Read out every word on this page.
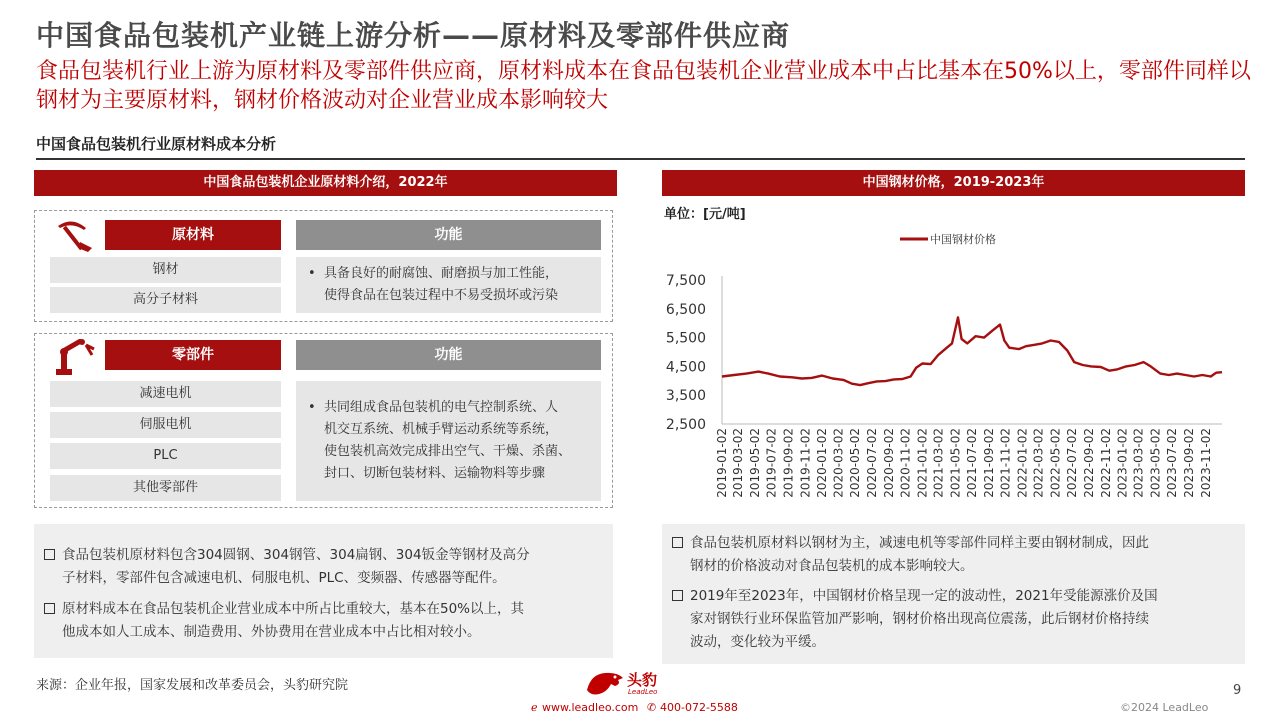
中国食品包装机产业链上游分析——原材料及零部件供应商
食品包装机行业上游为原材料及零部件供应商，原材料成本在食品包装机企业营业成本中占比基本在50%以上，零部件同样以钢材为主要原材料，钢材价格波动对企业营业成本影响较大
中国食品包装机行业原材料成本分析
中国食品包装机企业原材料介绍，2022年
原材料	功能
钢材
高分子材料
• 具备良好的耐腐蚀、耐磨损与加工性能，
使得食品在包装过程中不易受损坏或污染
零部件	功能
减速电机
伺服电机
PLC
其他零部件
• 共同组成食品包装机的电气控制系统、人
机交互系统、机械手臂运动系统等系统，
使包装机高效完成排出空气、干燥、杀菌、
封口、切断包装材料、运输物料等步骤
食品包装机原材料包含304圆钢、304钢管、304扁钢、304钣金等钢材及高分
子材料，零部件包含减速电机、伺服电机、PLC、变频器、传感器等配件。
原材料成本在食品包装机企业营业成本中所占比重较大，基本在50%以上，其
他成本如人工成本、制造费用、外协费用在营业成本中占比相对较小。
中国钢材价格，2019-2023年
单位：[元/吨]
中国钢材价格
7,500
6,500
5,500
4,500
3,500
2,500
2019-01-02 2019-03-02 2019-05-02 2019-07-02 2019-09-02 2019-11-02 2020-01-02 2020-03-02 2020-05-02 2020-07-02 2020-09-02 2020-11-02 2021-01-02 2021-03-02 2021-05-02 2021-07-02 2021-09-02 2021-11-02 2022-01-02 2022-03-02 2022-05-02 2022-07-02 2022-09-02 2022-11-02 2023-01-02 2023-03-02 2023-05-02 2023-07-02 2023-09-02 2023-11-02
食品包装机原材料以钢材为主，减速电机等零部件同样主要由钢材制成，因此
钢材的价格波动对食品包装机的成本影响较大。
2019年至2023年，中国钢材价格呈现一定的波动性，2021年受能源涨价及国
家对钢铁行业环保监管加严影响，钢材价格出现高位震荡，此后钢材价格持续
波动，变化较为平缓。
来源：企业年报，国家发展和改革委员会，头豹研究院	头豹
LeadLeo
ℯ www.leadleo.com ✆ 400-072-5588
9
©2024 LeadLeo
